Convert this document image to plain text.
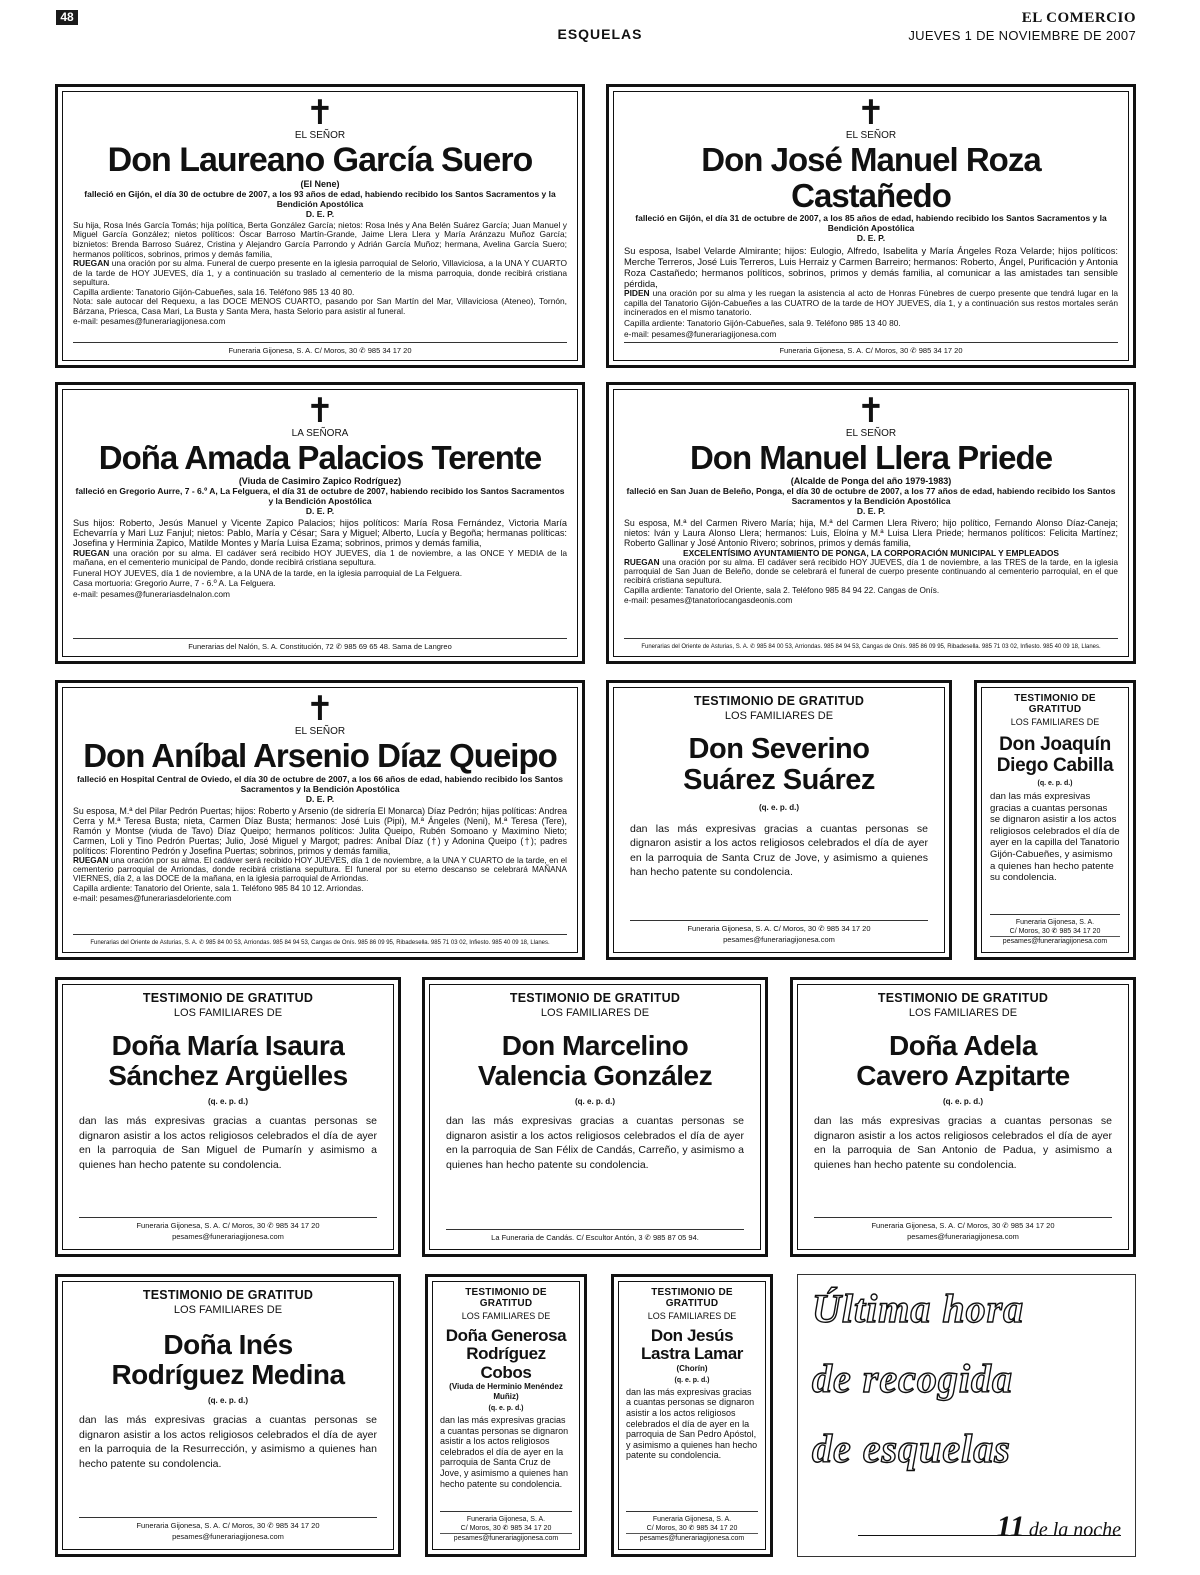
48
ESQUELAS
EL COMERCIO
JUEVES 1 DE NOVIEMBRE DE 2007
✝
EL SEÑOR
Don Laureano García Suero
(El Nene)
falleció en Gijón, el día 30 de octubre de 2007, a los 93 años de edad, habiendo recibido los Santos Sacramentos y la Bendición Apostólica
D. E. P.
Su hija, Rosa Inés García Tomás; hija política, Berta González García; nietos: Rosa Inés y Ana Belén Suárez García; Juan Manuel y Miguel García González; nietos políticos: Óscar Barroso Martín-Grande, Jaime Llera Llera y María Aránzazu Muñoz García; biznietos: Brenda Barroso Suárez, Cristina y Alejandro García Parrondo y Adrián García Muñoz; hermana, Avelina García Suero; hermanos políticos, sobrinos, primos y demás familia,
RUEGAN una oración por su alma. Funeral de cuerpo presente en la iglesia parroquial de Selorio, Villaviciosa, a la UNA Y CUARTO de la tarde de HOY JUEVES, día 1, y a continuación su traslado al cementerio de la misma parroquia, donde recibirá cristiana sepultura.
Capilla ardiente: Tanatorio Gijón-Cabueñes, sala 16. Teléfono 985 13 40 80.
Nota: sale autocar del Requexu, a las DOCE MENOS CUARTO, pasando por San Martín del Mar, Villaviciosa (Ateneo), Tornón, Bárzana, Priesca, Casa Mari, La Busta y Santa Mera, hasta Selorio para asistir al funeral.
e-mail: pesames@funerariagijonesa.com
Funeraria Gijonesa, S. A. C/ Moros, 30 ✆ 985 34 17 20
✝
EL SEÑOR
Don José Manuel Roza Castañedo
falleció en Gijón, el día 31 de octubre de 2007, a los 85 años de edad, habiendo recibido los Santos Sacramentos y la Bendición Apostólica
D. E. P.
Su esposa, Isabel Velarde Almirante; hijos: Eulogio, Alfredo, Isabelita y María Ángeles Roza Velarde; hijos políticos: Merche Terreros, José Luis Terreros, Luis Herraiz y Carmen Barreiro; hermanos: Roberto, Ángel, Purificación y Antonia Roza Castañedo; hermanos políticos, sobrinos, primos y demás familia, al comunicar a las amistades tan sensible pérdida,
PIDEN una oración por su alma y les ruegan la asistencia al acto de Honras Fúnebres de cuerpo presente que tendrá lugar en la capilla del Tanatorio Gijón-Cabueñes a las CUATRO de la tarde de HOY JUEVES, día 1, y a continuación sus restos mortales serán incinerados en el mismo tanatorio.
Capilla ardiente: Tanatorio Gijón-Cabueñes, sala 9. Teléfono 985 13 40 80.
e-mail: pesames@funerariagijonesa.com
Funeraria Gijonesa, S. A. C/ Moros, 30 ✆ 985 34 17 20
✝
LA SEÑORA
Doña Amada Palacios Terente
(Viuda de Casimiro Zapico Rodríguez)
falleció en Gregorio Aurre, 7 - 6.º A, La Felguera, el día 31 de octubre de 2007, habiendo recibido los Santos Sacramentos y la Bendición Apostólica
D. E. P.
Sus hijos: Roberto, Jesús Manuel y Vicente Zapico Palacios; hijos políticos: María Rosa Fernández, Victoria María Echevarría y Mari Luz Fanjul; nietos: Pablo, María y César; Sara y Miguel; Alberto, Lucía y Begoña; hermanas políticas: Josefina y Herminia Zapico, Matilde Montes y María Luisa Ezama; sobrinos, primos y demás familia,
RUEGAN una oración por su alma. El cadáver será recibido HOY JUEVES, día 1 de noviembre, a las ONCE Y MEDIA de la mañana, en el cementerio municipal de Pando, donde recibirá cristiana sepultura.
Funeral HOY JUEVES, día 1 de noviembre, a la UNA de la tarde, en la iglesia parroquial de La Felguera.
Casa mortuoria: Gregorio Aurre, 7 - 6.º A. La Felguera.
e-mail: pesames@funerariasdelnalon.com
Funerarias del Nalón, S. A. Constitución, 72 ✆ 985 69 65 48. Sama de Langreo
✝
EL SEÑOR
Don Manuel Llera Priede
(Alcalde de Ponga del año 1979-1983)
falleció en San Juan de Beleño, Ponga, el día 30 de octubre de 2007, a los 77 años de edad, habiendo recibido los Santos Sacramentos y la Bendición Apostólica
D. E. P.
Su esposa, M.ª del Carmen Rivero María; hija, M.ª del Carmen Llera Rivero; hijo político, Fernando Alonso Díaz-Caneja; nietos: Iván y Laura Alonso Llera; hermanos: Luis, Eloína y M.ª Luisa Llera Priede; hermanos políticos: Felicita Martínez; Roberto Gallinar y José Antonio Rivero; sobrinos, primos y demás familia,
EXCELENTÍSIMO AYUNTAMIENTO DE PONGA, LA CORPORACIÓN MUNICIPAL Y EMPLEADOS
RUEGAN una oración por su alma. El cadáver será recibido HOY JUEVES, día 1 de noviembre, a las TRES de la tarde, en la iglesia parroquial de San Juan de Beleño, donde se celebrará el funeral de cuerpo presente continuando al cementerio parroquial, en el que recibirá cristiana sepultura.
Capilla ardiente: Tanatorio del Oriente, sala 2. Teléfono 985 84 94 22. Cangas de Onís.
e-mail: pesames@tanatoriocangasdeonis.com
Funerarias del Oriente de Asturias, S. A. ✆ 985 84 00 53, Arriondas. 985 84 94 53, Cangas de Onís. 985 86 09 95, Ribadesella. 985 71 03 02, Infiesto. 985 40 09 18, Llanes.
✝
EL SEÑOR
Don Aníbal Arsenio Díaz Queipo
falleció en Hospital Central de Oviedo, el día 30 de octubre de 2007, a los 66 años de edad, habiendo recibido los Santos Sacramentos y la Bendición Apostólica
D. E. P.
Su esposa, M.ª del Pilar Pedrón Puertas; hijos: Roberto y Arsenio (de sidrería El Monarca) Díaz Pedrón; hijas políticas: Andrea Cerra y M.ª Teresa Busta; nieta, Carmen Díaz Busta; hermanos: José Luis (Pipi), M.ª Ángeles (Neni), M.ª Teresa (Tere), Ramón y Montse (viuda de Tavo) Díaz Queipo; hermanos políticos: Julita Queipo, Rubén Somoano y Maximino Nieto; Carmen, Loli y Tino Pedrón Puertas; Julio, José Miguel y Margot; padres: Aníbal Díaz (†) y Adonina Queipo (†); padres políticos: Florentino Pedrón y Josefina Puertas; sobrinos, primos y demás familia,
RUEGAN una oración por su alma. El cadáver será recibido HOY JUEVES, día 1 de noviembre, a la UNA Y CUARTO de la tarde, en el cementerio parroquial de Arriondas, donde recibirá cristiana sepultura. El funeral por su eterno descanso se celebrará MAÑANA VIERNES, día 2, a las DOCE de la mañana, en la iglesia parroquial de Arriondas.
Capilla ardiente: Tanatorio del Oriente, sala 1. Teléfono 985 84 10 12. Arriondas.
e-mail: pesames@funerariasdeloriente.com
Funerarias del Oriente de Asturias, S. A. ✆ 985 84 00 53, Arriondas. 985 84 94 53, Cangas de Onís. 985 86 09 95, Ribadesella. 985 71 03 02, Infiesto. 985 40 09 18, Llanes.
TESTIMONIO DE GRATITUD
LOS FAMILIARES DE
Don Severino
Suárez Suárez
(q. e. p. d.)
dan las más expresivas gracias a cuantas personas se dignaron asistir a los actos religiosos celebrados el día de ayer en la parroquia de Santa Cruz de Jove, y asimismo a quienes han hecho patente su condolencia.
Funeraria Gijonesa, S. A. C/ Moros, 30 ✆ 985 34 17 20
pesames@funerariagijonesa.com
TESTIMONIO DE GRATITUD
LOS FAMILIARES DE
Don Joaquín
Diego Cabilla
(q. e. p. d.)
dan las más expresivas gracias a cuantas personas se dignaron asistir a los actos religiosos celebrados el día de ayer en la capilla del Tanatorio Gijón-Cabueñes, y asimismo a quienes han hecho patente su condolencia.
Funeraria Gijonesa, S. A.
C/ Moros, 30 ✆ 985 34 17 20
pesames@funerariagijonesa.com
TESTIMONIO DE GRATITUD
LOS FAMILIARES DE
Doña María Isaura
Sánchez Argüelles
(q. e. p. d.)
dan las más expresivas gracias a cuantas personas se dignaron asistir a los actos religiosos celebrados el día de ayer en la parroquia de San Miguel de Pumarín y asimismo a quienes han hecho patente su condolencia.
Funeraria Gijonesa, S. A. C/ Moros, 30 ✆ 985 34 17 20
pesames@funerariagijonesa.com
TESTIMONIO DE GRATITUD
LOS FAMILIARES DE
Don Marcelino
Valencia González
(q. e. p. d.)
dan las más expresivas gracias a cuantas personas se dignaron asistir a los actos religiosos celebrados el día de ayer en la parroquia de San Félix de Candás, Carreño, y asimismo a quienes han hecho patente su condolencia.
La Funeraria de Candás. C/ Escultor Antón, 3 ✆ 985 87 05 94.
TESTIMONIO DE GRATITUD
LOS FAMILIARES DE
Doña Adela
Cavero Azpitarte
(q. e. p. d.)
dan las más expresivas gracias a cuantas personas se dignaron asistir a los actos religiosos celebrados el día de ayer en la parroquia de San Antonio de Padua, y asimismo a quienes han hecho patente su condolencia.
Funeraria Gijonesa, S. A. C/ Moros, 30 ✆ 985 34 17 20
pesames@funerariagijonesa.com
TESTIMONIO DE GRATITUD
LOS FAMILIARES DE
Doña Inés
Rodríguez Medina
(q. e. p. d.)
dan las más expresivas gracias a cuantas personas se dignaron asistir a los actos religiosos celebrados el día de ayer en la parroquia de la Resurrección, y asimismo a quienes han hecho patente su condolencia.
Funeraria Gijonesa, S. A. C/ Moros, 30 ✆ 985 34 17 20
pesames@funerariagijonesa.com
TESTIMONIO DE GRATITUD
LOS FAMILIARES DE
Doña Generosa
Rodríguez Cobos
(Viuda de Herminio Menéndez Muñiz)
(q. e. p. d.)
dan las más expresivas gracias a cuantas personas se dignaron asistir a los actos religiosos celebrados el día de ayer en la parroquia de Santa Cruz de Jove, y asimismo a quienes han hecho patente su condolencia.
Funeraria Gijonesa, S. A.
C/ Moros, 30 ✆ 985 34 17 20
pesames@funerariagijonesa.com
TESTIMONIO DE GRATITUD
LOS FAMILIARES DE
Don Jesús
Lastra Lamar
(Chorín)
(q. e. p. d.)
dan las más expresivas gracias a cuantas personas se dignaron asistir a los actos religiosos celebrados el día de ayer en la parroquia de San Pedro Apóstol, y asimismo a quienes han hecho patente su condolencia.
Funeraria Gijonesa, S. A.
C/ Moros, 30 ✆ 985 34 17 20
pesames@funerariagijonesa.com
Última hora
de recogida
de esquelas
11 de la noche
